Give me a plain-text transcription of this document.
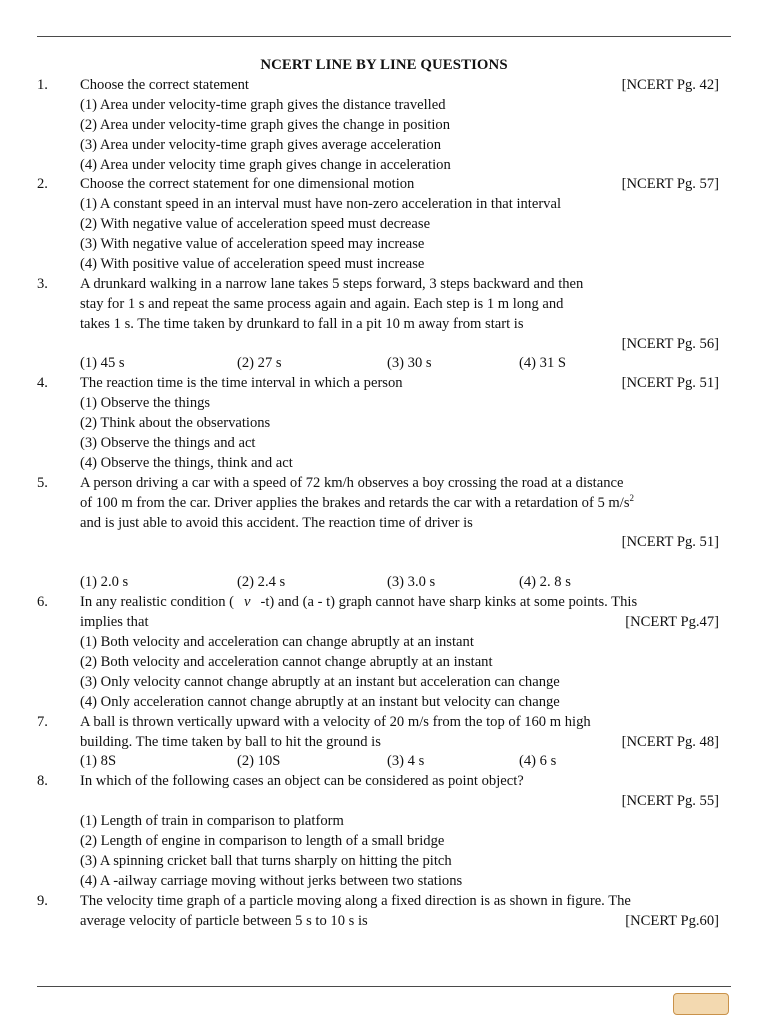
NCERT LINE BY LINE QUESTIONS
1.	Choose the correct statement	[NCERT Pg. 42]
(1) Area under velocity-time graph gives the distance travelled
(2) Area under velocity-time graph gives the change in position
(3) Area under velocity-time graph gives average acceleration
(4) Area under velocity time graph gives change in acceleration
2.	Choose the correct statement for one dimensional motion	[NCERT Pg. 57]
(1) A constant speed in an interval must have non-zero acceleration in that interval
(2) With negative value of acceleration speed must decrease
(3) With negative value of acceleration speed may increase
(4) With positive value of acceleration speed must increase
3.	A drunkard walking in a narrow lane takes 5 steps forward, 3 steps backward and then
stay for 1 s and repeat the same process again and again. Each step is 1 m long and
takes 1 s. The time taken by drunkard to fall in a pit 10 m away from start is
[NCERT Pg. 56]
(1) 45 s	(2) 27 s	(3) 30 s	(4) 31 S
4.	The reaction time is the time interval in which a person	[NCERT Pg. 51]
(1) Observe the things
(2) Think about the observations
(3) Observe the things and act
(4) Observe the things, think and act
5.	A person driving a car with a speed of 72 km/h observes a boy crossing the road at a distance
of 100 m from the car. Driver applies the brakes and retards the car with a retardation of 5 $m/s^2$
and is just able to avoid this accident. The reaction time of driver is
[NCERT Pg. 51]
(1) 2.0 s	(2) 2.4 s	(3) 3.0 s	(4) 2. 8 s
6.	In any realistic condition ( v -t) and (a - t) graph cannot have sharp kinks at some points. This
implies that	[NCERT Pg.47]
(1) Both velocity and acceleration can change abruptly at an instant
(2) Both velocity and acceleration cannot change abruptly at an instant
(3) Only velocity cannot change abruptly at an instant but acceleration can change
(4) Only acceleration cannot change abruptly at an instant but velocity can change
7.	A ball is thrown vertically upward with a velocity of 20 m/s from the top of 160 m high
building. The time taken by ball to hit the ground is	[NCERT Pg. 48]
(1) 8S	(2) 10S	(3) 4 s	(4) 6 s
8.	In which of the following cases an object can be considered as point object?
[NCERT Pg. 55]
(1) Length of train in comparison to platform
(2) Length of engine in comparison to length of a small bridge
(3) A spinning cricket ball that turns sharply on hitting the pitch
(4) A -ailway carriage moving without jerks between two stations
9.	The velocity time graph of a particle moving along a fixed direction is as shown in figure. The
average velocity of particle between 5 s to 10 s is	[NCERT Pg.60]
